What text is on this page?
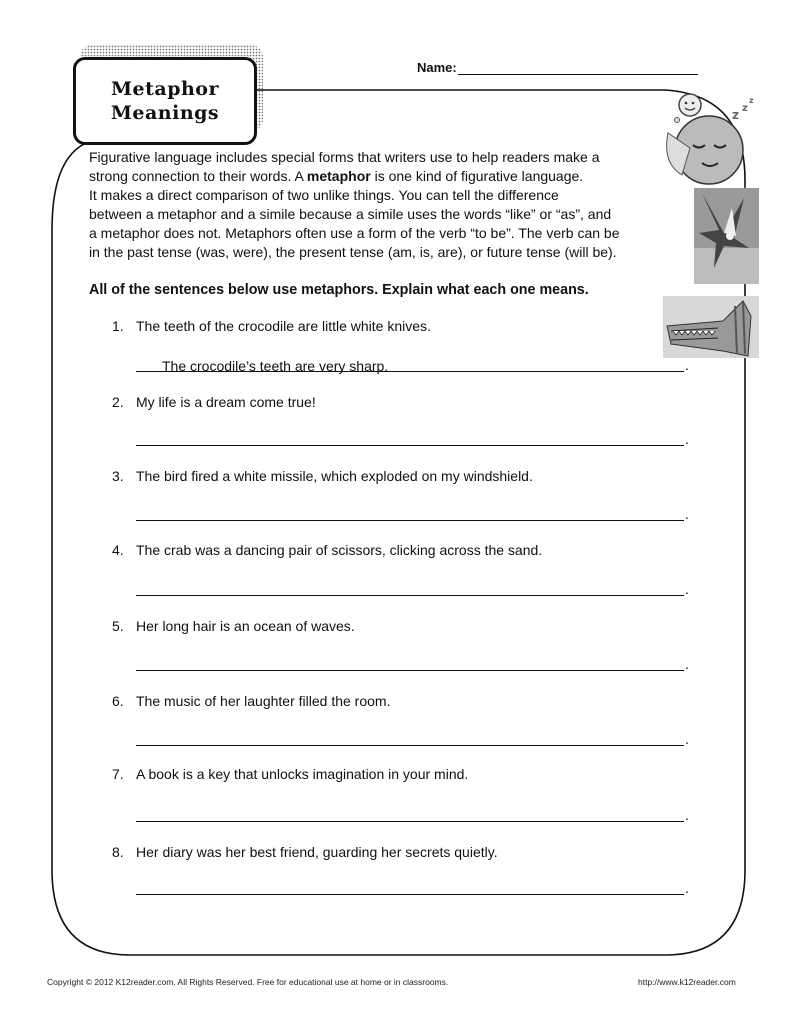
Metaphor
Meanings
Name:
z z
z

Figurative language includes special forms that writers use to help readers make a

strong connection to their words. A metaphor is one kind of figurative language.

It makes a direct comparison of two unlike things. You can tell the difference

between a metaphor and a simile because a simile uses the words “like” or “as”, and

a metaphor does not. Metaphors often use a form of the verb “to be”. The verb can be

in the past tense (was, were), the present tense (am, is, are), or future tense (will be).

All of the sentences below use metaphors. Explain what each one means.
1. The teeth of the crocodile are little white knives.
The crocodile’s teeth are very sharp.	.
2. My life is a dream come true!
.
3. The bird fired a white missile, which exploded on my windshield.
.
4. The crab was a dancing pair of scissors, clicking across the sand.
.
5. Her long hair is an ocean of waves.
.
6. The music of her laughter filled the room.
.
7. A book is a key that unlocks imagination in your mind.
.
8. Her diary was her best friend, guarding her secrets quietly.
.
Copyright © 2012 K12reader.com. All Rights Reserved. Free for educational use at home or in classrooms.	http://www.k12reader.com
